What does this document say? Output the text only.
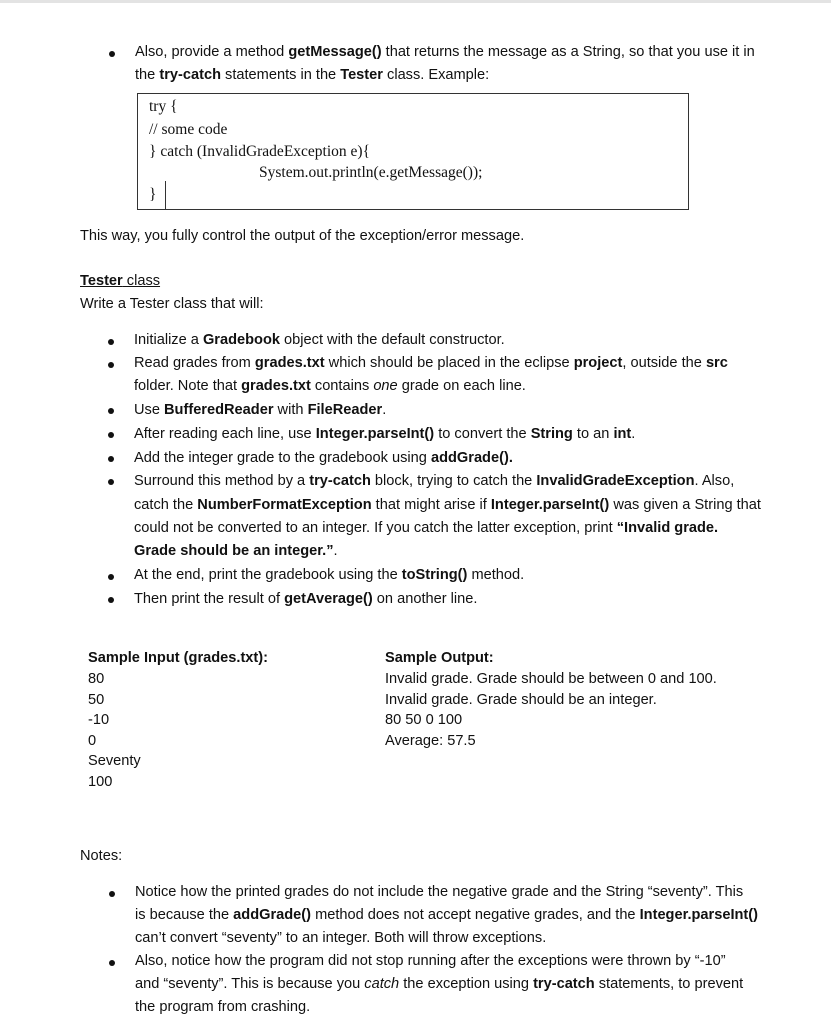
Also, provide a method getMessage() that returns the message as a String, so that you use it in
the try-catch statements in the Tester class. Example:
try {
// some code
} catch (InvalidGradeException e){
System.out.println(e.getMessage());
}
This way, you fully control the output of the exception/error message.
Tester class
Write a Tester class that will:
Initialize a Gradebook object with the default constructor.
Read grades from grades.txt which should be placed in the eclipse project, outside the src
folder. Note that grades.txt contains one grade on each line.
Use BufferedReader with FileReader.
After reading each line, use Integer.parseInt() to convert the String to an int.
Add the integer grade to the gradebook using addGrade().
Surround this method by a try-catch block, trying to catch the InvalidGradeException. Also,
catch the NumberFormatException that might arise if Integer.parseInt() was given a String that
could not be converted to an integer. If you catch the latter exception, print “Invalid grade.
Grade should be an integer.”.
At the end, print the gradebook using the toString() method.
Then print the result of getAverage() on another line.
Sample Input (grades.txt):
80
50
-10
0
Seventy
100
Sample Output:
Invalid grade. Grade should be between 0 and 100.
Invalid grade. Grade should be an integer.
80 50 0 100
Average: 57.5
Notes:
Notice how the printed grades do not include the negative grade and the String “seventy”. This
is because the addGrade() method does not accept negative grades, and the Integer.parseInt()
can’t convert “seventy” to an integer. Both will throw exceptions.
Also, notice how the program did not stop running after the exceptions were thrown by “-10”
and “seventy”. This is because you catch the exception using try-catch statements, to prevent
the program from crashing.
